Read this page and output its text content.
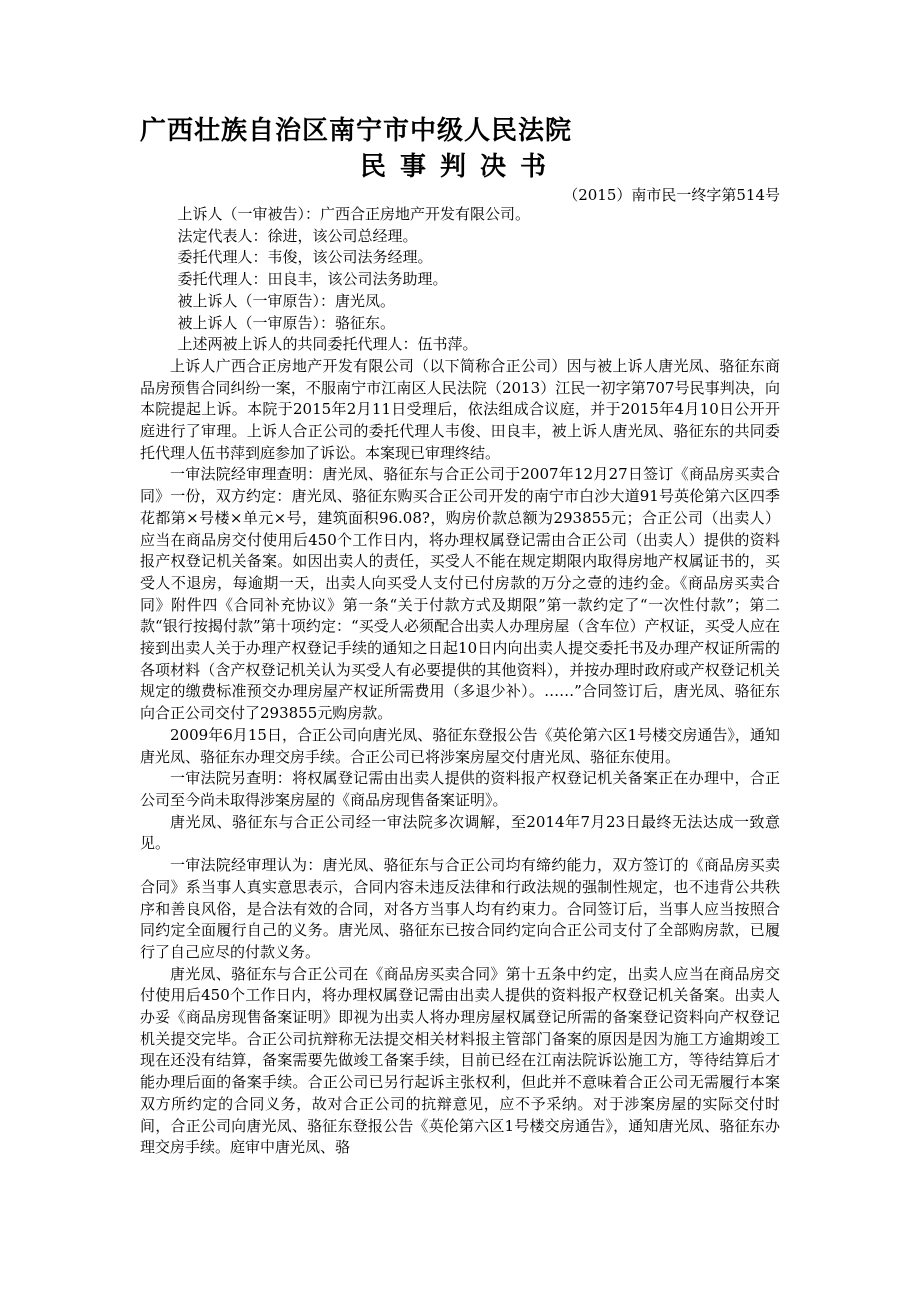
广西壮族自治区南宁市中级人民法院
民事判决书
（2015）南市民一终字第514号

上诉人（一审被告）：广西合正房地产开发有限公司。

法定代表人：徐进，该公司总经理。

委托代理人：韦俊，该公司法务经理。

委托代理人：田良丰，该公司法务助理。

被上诉人（一审原告）：唐光凤。

被上诉人（一审原告）：骆征东。

上述两被上诉人的共同委托代理人：伍书萍。

上诉人广西合正房地产开发有限公司（以下简称合正公司）因与被上诉人唐光凤、骆征东商品房预售合同纠纷一案，不服南宁市江南区人民法院（2013）江民一初字第707号民事判决，向本院提起上诉。本院于2015年2月11日受理后，依法组成合议庭，并于2015年4月10日公开开庭进行了审理。上诉人合正公司的委托代理人韦俊、田良丰，被上诉人唐光凤、骆征东的共同委托代理人伍书萍到庭参加了诉讼。本案现已审理终结。

一审法院经审理查明：唐光凤、骆征东与合正公司于2007年12月27日签订《商品房买卖合同》一份，双方约定：唐光凤、骆征东购买合正公司开发的南宁市白沙大道91号英伦第六区四季花都第×号楼×单元×号，建筑面积96.08?，购房价款总额为293855元；合正公司（出卖人）应当在商品房交付使用后450个工作日内，将办理权属登记需由合正公司（出卖人）提供的资料报产权登记机关备案。如因出卖人的责任，买受人不能在规定期限内取得房地产权属证书的，买受人不退房，每逾期一天，出卖人向买受人支付已付房款的万分之壹的违约金。《商品房买卖合同》附件四《合同补充协议》第一条“关于付款方式及期限”第一款约定了“一次性付款”；第二款“银行按揭付款”第十项约定：“买受人必须配合出卖人办理房屋（含车位）产权证，买受人应在接到出卖人关于办理产权登记手续的通知之日起10日内向出卖人提交委托书及办理产权证所需的各项材料（含产权登记机关认为买受人有必要提供的其他资料），并按办理时政府或产权登记机关规定的缴费标准预交办理房屋产权证所需费用（多退少补）。……”合同签订后，唐光凤、骆征东向合正公司交付了293855元购房款。

2009年6月15日，合正公司向唐光凤、骆征东登报公告《英伦第六区1号楼交房通告》，通知唐光凤、骆征东办理交房手续。合正公司已将涉案房屋交付唐光凤、骆征东使用。

一审法院另查明：将权属登记需由出卖人提供的资料报产权登记机关备案正在办理中，合正公司至今尚未取得涉案房屋的《商品房现售备案证明》。

唐光凤、骆征东与合正公司经一审法院多次调解，至2014年7月23日最终无法达成一致意见。

一审法院经审理认为：唐光凤、骆征东与合正公司均有缔约能力，双方签订的《商品房买卖合同》系当事人真实意思表示，合同内容未违反法律和行政法规的强制性规定，也不违背公共秩序和善良风俗，是合法有效的合同，对各方当事人均有约束力。合同签订后，当事人应当按照合同约定全面履行自己的义务。唐光凤、骆征东已按合同约定向合正公司支付了全部购房款，已履行了自己应尽的付款义务。

唐光凤、骆征东与合正公司在《商品房买卖合同》第十五条中约定，出卖人应当在商品房交付使用后450个工作日内，将办理权属登记需由出卖人提供的资料报产权登记机关备案。出卖人办妥《商品房现售备案证明》即视为出卖人将办理房屋权属登记所需的备案登记资料向产权登记机关提交完毕。合正公司抗辩称无法提交相关材料报主管部门备案的原因是因为施工方逾期竣工现在还没有结算，备案需要先做竣工备案手续，目前已经在江南法院诉讼施工方，等待结算后才能办理后面的备案手续。合正公司已另行起诉主张权利，但此并不意味着合正公司无需履行本案双方所约定的合同义务，故对合正公司的抗辩意见，应不予采纳。对于涉案房屋的实际交付时间，合正公司向唐光凤、骆征东登报公告《英伦第六区1号楼交房通告》，通知唐光凤、骆征东办理交房手续。庭审中唐光凤、骆
